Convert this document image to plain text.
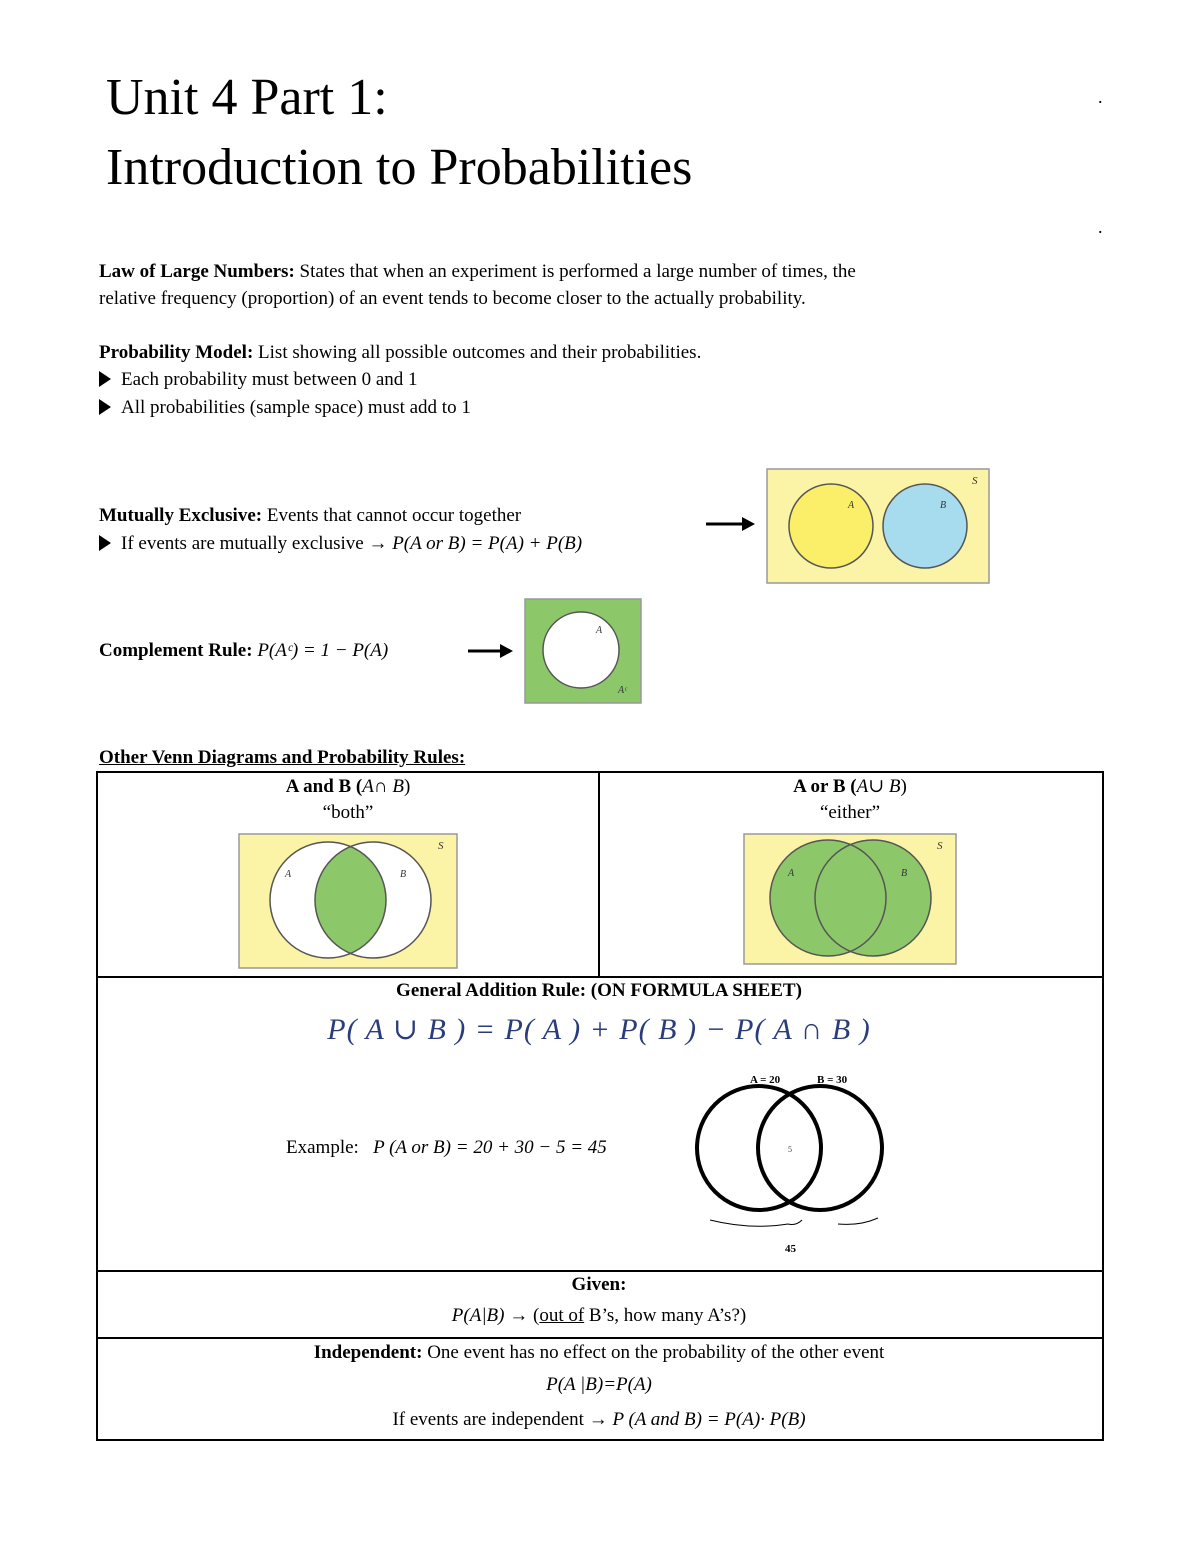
Unit 4 Part 1:
Introduction to Probabilities
.
.
Law of Large Numbers: States that when an experiment is performed a large number of times, the
relative frequency (proportion) of an event tends to become closer to the actually probability.
Probability Model: List showing all possible outcomes and their probabilities.
Each probability must between 0 and 1
All probabilities (sample space) must add to 1
Mutually Exclusive: Events that cannot occur together
If events are mutually exclusive → P(A or B) = P(A) + P(B)
A	B
S
Complement Rule: P(Aᶜ) = 1 − P(A)
A
Aᶜ
Other Venn Diagrams and Probability Rules:
A and B (A∩ B)
“both”
A	B
S
A or B (A∪ B)
“either”
A	B
S
General Addition Rule: (ON FORMULA SHEET)
P( A ∪ B ) = P( A ) + P( B ) − P( A ∩ B )
Example: P (A or B) = 20 + 30 − 5 = 45
A = 20	B = 30
5
45
Given:
P(A|B) → (out of B’s, how many A’s?)
Independent: One event has no effect on the probability of the other event
P(A |B)=P(A)
If events are independent → P (A and B) = P(A)· P(B)
